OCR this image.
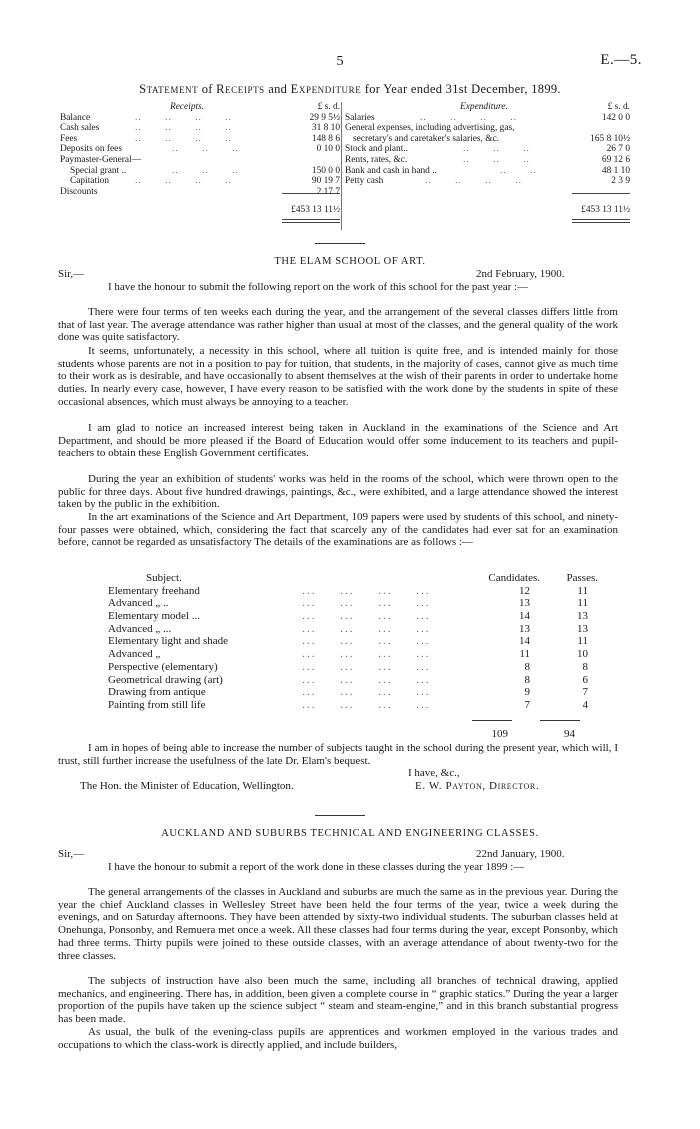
5	E.—5.
Statement of Receipts and Expenditure for Year ended 31st December, 1899.
Receipts.	£ s. d.
Balance	..       ..       ..       ..	29 9 5½
Cash sales	..       ..       ..       ..	31 8 10
Fees	..       ..       ..       ..	148 8 6
Deposits on fees	..       ..       ..	0 10 0
Paymaster-General—
Special grant ..	..       ..       ..	150 0 0
Capitation	..       ..       ..       ..	90 19 7
Discounts	2 17 7
£453 13 11½
Expenditure.	£ s. d.
Salaries	..       ..       ..       ..	142 0 0
General expenses, including advertising, gas,
secretary's and caretaker's salaries, &c.	165 8 10½
Stock and plant..	..       ..       ..	26 7 0
Rents, rates, &c.	..       ..       ..	69 12 6
Bank and cash in hand ..	..       ..	48 1 10
Petty cash	..       ..       ..       ..	2 3 9
£453 13 11½
THE ELAM SCHOOL OF ART.
Sir,—	2nd February, 1900.
I have the honour to submit the following report on the work of this school for the past year :—
There were four terms of ten weeks each during the year, and the arrangement of the several classes differs little from that of last year. The average attendance was rather higher than usual at most of the classes, and the general quality of the work done was quite satisfactory.
It seems, unfortunately, a necessity in this school, where all tuition is quite free, and is intended mainly for those students whose parents are not in a position to pay for tuition, that students, in the majority of cases, cannot give as much time to their work as is desirable, and have occasionally to absent themselves at the wish of their parents in order to undertake home duties. In nearly every case, however, I have every reason to be satisfied with the work done by the students in spite of these occasional absences, which must always be annoying to a teacher.
I am glad to notice an increased interest being taken in Auckland in the examinations of the Science and Art Department, and should be more pleased if the Board of Education would offer some inducement to its teachers and pupil-teachers to obtain these English Government certificates.
During the year an exhibition of students' works was held in the rooms of the school, which were thrown open to the public for three days. About five hundred drawings, paintings, &c., were exhibited, and a large attendance showed the interest taken by the public in the exhibition.
In the art examinations of the Science and Art Department, 109 papers were used by students of this school, and ninety-four passes were obtained, which, considering the fact that scarcely any of the candidates had ever sat for an examination before, cannot be regarded as unsatisfactory The details of the examinations are as follows :—
Subject.	Candidates.	Passes.
Elementary freehand	...     ...     ...     ...	12	11
Advanced „ ..	...     ...     ...     ...	13	11
Elementary model ...	...     ...     ...     ...	14	13
Advanced „ ...	...     ...     ...     ...	13	13
Elementary light and shade	...     ...     ...     ...	14	11
Advanced „	...     ...     ...     ...	11	10
Perspective (elementary)	...     ...     ...     ...	8	8
Geometrical drawing (art)	...     ...     ...     ...	8	6
Drawing from antique	...     ...     ...     ...	9	7
Painting from still life	...     ...     ...     ...	7	4
109	94
I am in hopes of being able to increase the number of subjects taught in the school during the present year, which will, I trust, still further increase the usefulness of the late Dr. Elam's bequest.
I have, &c.,
The Hon. the Minister of Education, Wellington.	E. W. Payton, Director.
AUCKLAND AND SUBURBS TECHNICAL AND ENGINEERING CLASSES.
Sir,—	22nd January, 1900.
I have the honour to submit a report of the work done in these classes during the year 1899 :—
The general arrangements of the classes in Auckland and suburbs are much the same as in the previous year. During the year the chief Auckland classes in Wellesley Street have been held the four terms of the year, twice a week during the evenings, and on Saturday afternoons. They have been attended by sixty-two individual students. The suburban classes held at Onehunga, Ponsonby, and Remuera met once a week. All these classes had four terms during the year, except Ponsonby, which had three terms. Thirty pupils were joined to these outside classes, with an average attendance of about twenty-two for the three classes.
The subjects of instruction have also been much the same, including all branches of technical drawing, applied mechanics, and engineering. There has, in addition, been given a complete course in “ graphic statics.” During the year a larger proportion of the pupils have taken up the science subject “ steam and steam-engine,” and in this branch substantial progress has been made.
As usual, the bulk of the evening-class pupils are apprentices and workmen employed in the various trades and occupations to which the class-work is directly applied, and include builders,
